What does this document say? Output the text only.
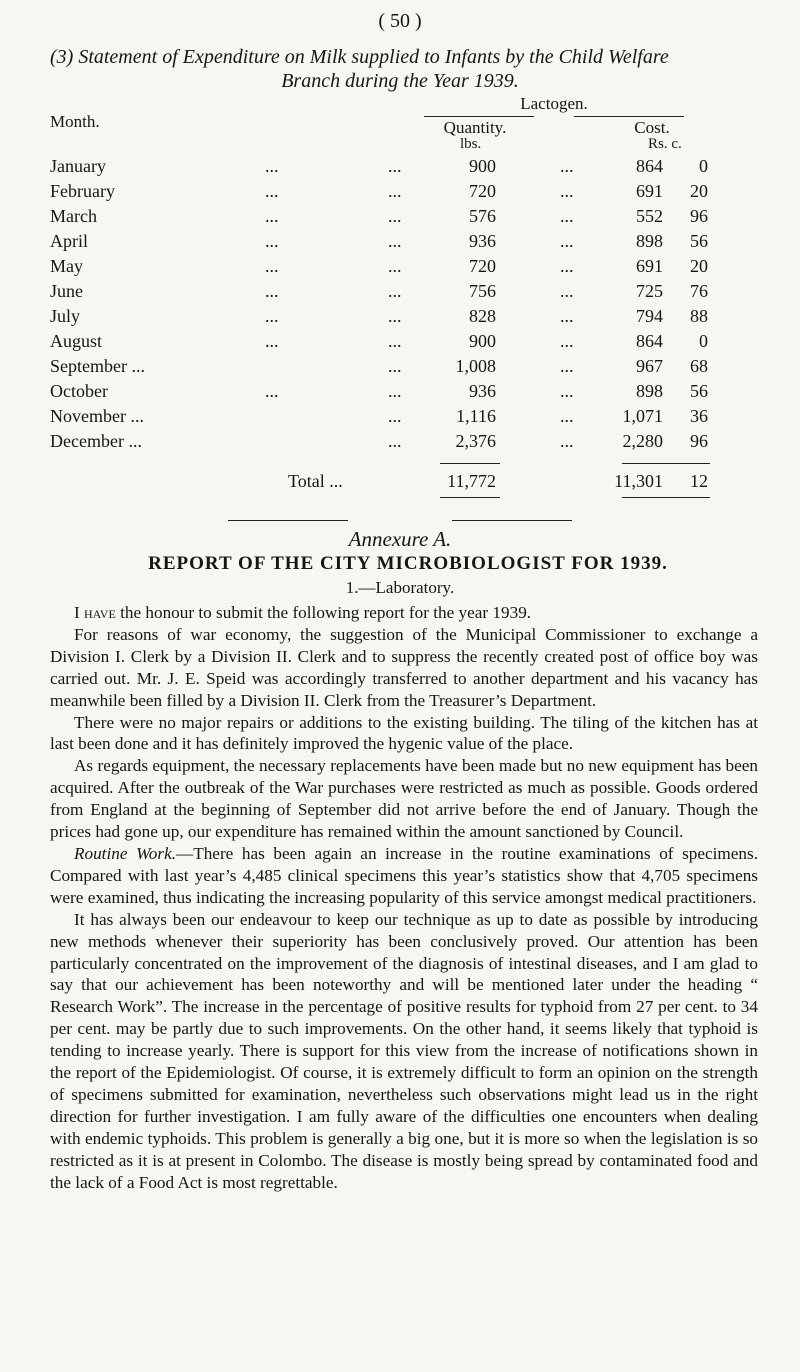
( 50 )
(3) Statement of Expenditure on Milk supplied to Infants by the Child Welfare
Branch during the Year 1939.
Lactogen.
Month.	Quantity.	Cost.
lbs.	Rs. c.
January	...	...	900	...	864 0
February	...	...	720	...	691 20
March	...	...	576	...	552 96
April	...	...	936	...	898 56
May	...	...	720	...	691 20
June	...	...	756	...	725 76
July	...	...	828	...	794 88
August	...	...	900	...	864 0
September ...	...	1,008	...	967 68
October	...	...	936	...	898 56
November ...	...	1,116	...	1,071 36
December ...	...	2,376	...	2,280 96
Total ...	11,772	11,301 12
Annexure A.
REPORT OF THE CITY MICROBIOLOGIST FOR 1939.
1.—Laboratory.

I have the honour to submit the following report for the year 1939.

For reasons of war economy, the suggestion of the Municipal Commissioner to exchange a Division I. Clerk by a Division II. Clerk and to suppress the recently created post of office boy was carried out. Mr. J. E. Speid was accordingly transferred to another department and his vacancy has meanwhile been filled by a Division II. Clerk from the Treasurer’s Department.

There were no major repairs or additions to the existing building. The tiling of the kitchen has at last been done and it has definitely improved the hygenic value of the place.

As regards equipment, the necessary replacements have been made but no new equipment has been acquired. After the outbreak of the War purchases were restricted as much as possible. Goods ordered from England at the beginning of September did not arrive before the end of January. Though the prices had gone up, our expenditure has remained within the amount sanctioned by Council.

Routine Work.—There has been again an increase in the routine examinations of specimens. Compared with last year’s 4,485 clinical specimens this year’s statistics show that 4,705 specimens were examined, thus indicating the increasing popularity of this service amongst medical practitioners.

It has always been our endeavour to keep our technique as up to date as possible by introducing new methods whenever their superiority has been conclusively proved. Our attention has been particularly concentrated on the improvement of the diagnosis of intestinal diseases, and I am glad to say that our achievement has been noteworthy and will be mentioned later under the heading “ Research Work”. The increase in the percentage of positive results for typhoid from 27 per cent. to 34 per cent. may be partly due to such improvements. On the other hand, it seems likely that typhoid is tending to increase yearly. There is support for this view from the increase of notifications shown in the report of the Epidemiologist. Of course, it is extremely difficult to form an opinion on the strength of specimens submitted for examination, nevertheless such observations might lead us in the right direction for further investigation. I am fully aware of the difficulties one encounters when dealing with endemic typhoids. This problem is generally a big one, but it is more so when the legislation is so restricted as it is at present in Colombo. The disease is mostly being spread by contaminated food and the lack of a Food Act is most regrettable.
